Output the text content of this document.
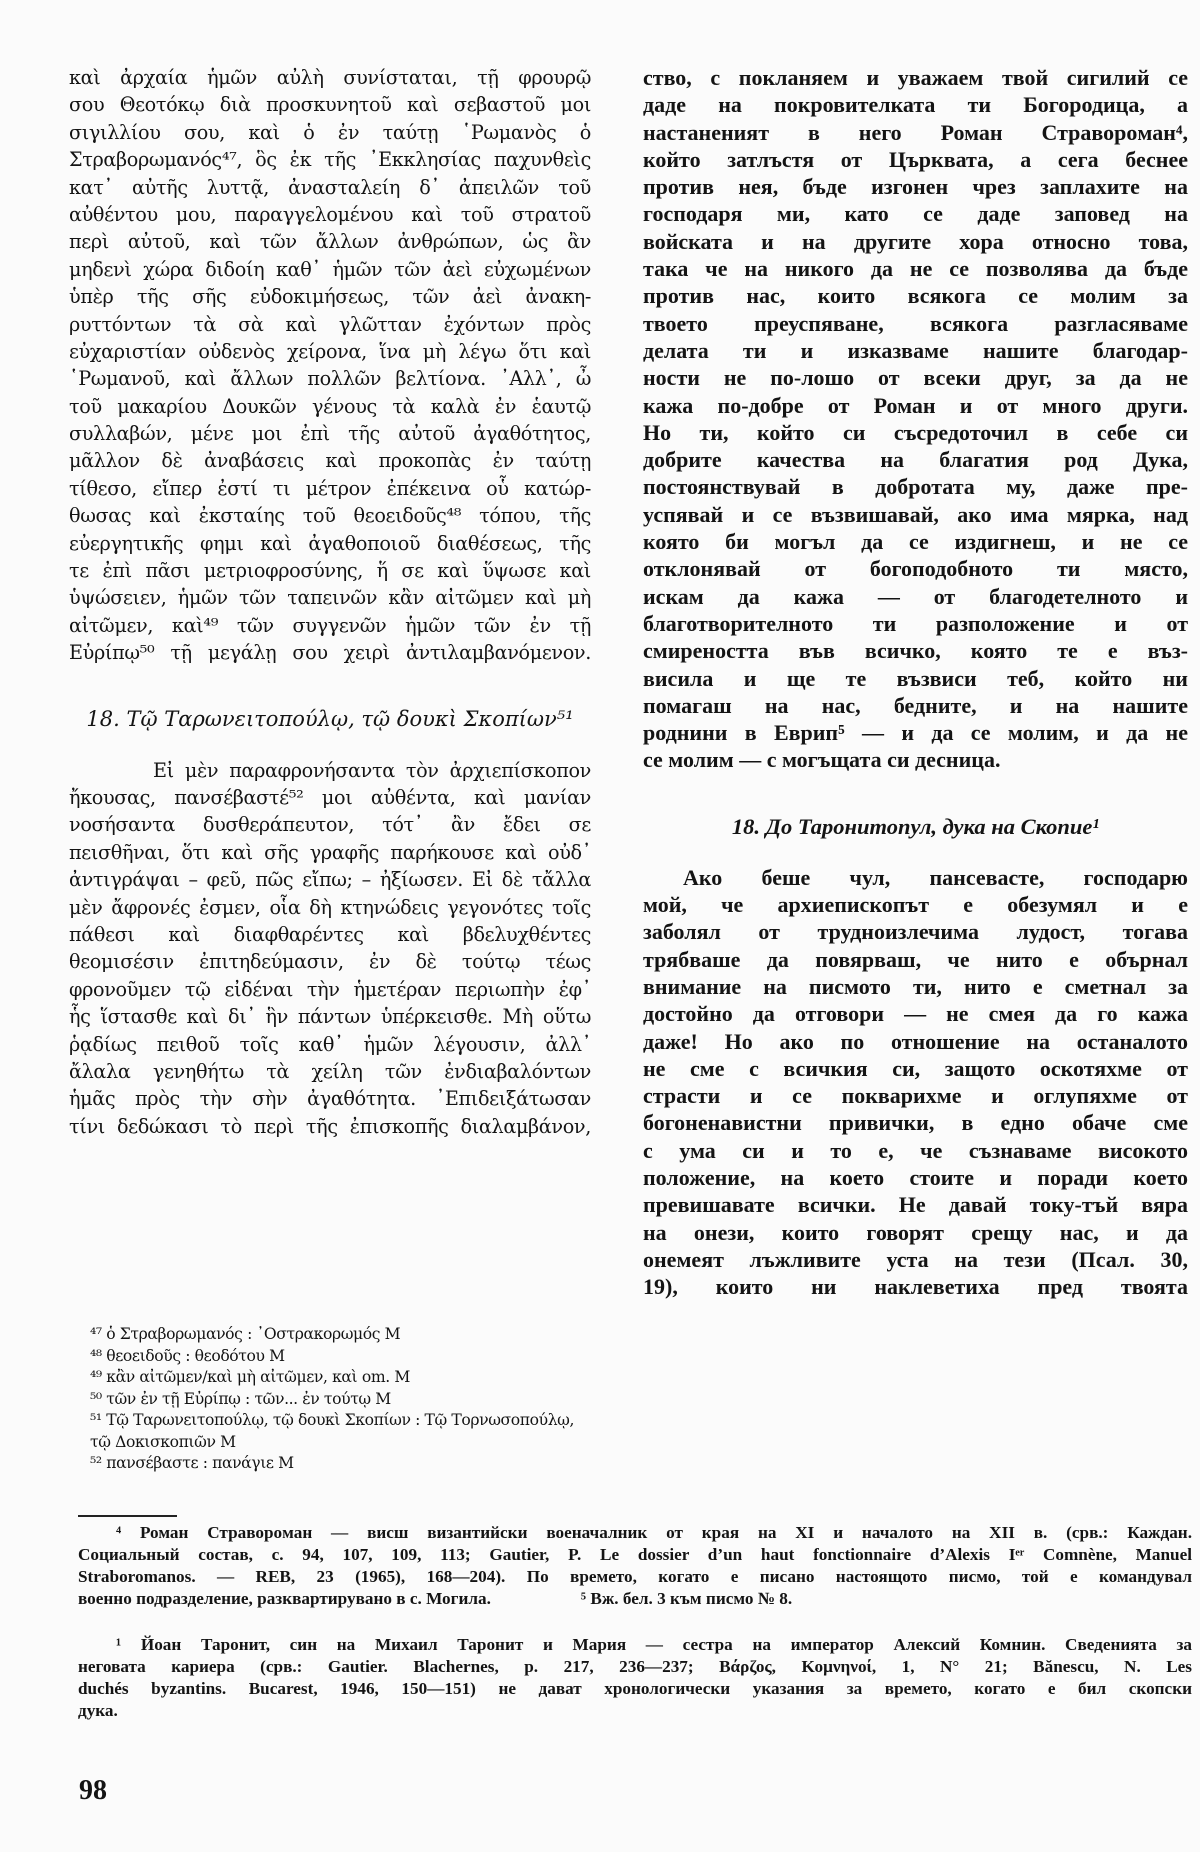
καὶ ἀρχαία ἡμῶν αὐλὴ συνίσταται, τῇ φρουρῷ
σου Θεοτόκῳ διὰ προσκυνητοῦ καὶ σεβαστοῦ μοι
σιγιλλίου σου, καὶ ὁ ἐν ταύτῃ ῾Ρωμανὸς ὁ
Στραβορωμανός⁴⁷, ὃς ἐκ τῆς ᾿Εκκλησίας παχυνθεὶς
κατ᾿ αὐτῆς λυττᾷ, ἀνασταλείη δ᾿ ἀπειλῶν τοῦ
αὐθέντου μου, παραγγελομένου καὶ τοῦ στρατοῦ
περὶ αὐτοῦ, καὶ τῶν ἄλλων ἀνθρώπων, ὡς ἂν
μηδενὶ χώρα διδοίη καθ᾿ ἡμῶν τῶν ἀεὶ εὐχωμένων
ὑπὲρ τῆς σῆς εὐδοκιμήσεως, τῶν ἀεὶ ἀνακη-
ρυττόντων τὰ σὰ καὶ γλῶτταν ἐχόντων πρὸς
εὐχαριστίαν οὐδενὸς χείρονα, ἵνα μὴ λέγω ὅτι καὶ
῾Ρωμανοῦ, καὶ ἄλλων πολλῶν βελτίονα. ᾿Αλλ᾿, ὦ
τοῦ μακαρίου Δουκῶν γένους τὰ καλὰ ἐν ἑαυτῷ
συλλαβών, μένε μοι ἐπὶ τῆς αὐτοῦ ἀγαθότητος,
μᾶλλον δὲ ἀναβάσεις καὶ προκοπὰς ἐν ταύτῃ
τίθεσο, εἴπερ ἐστί τι μέτρον ἐπέκεινα οὗ κατώρ-
θωσας καὶ ἐκσταίης τοῦ θεοειδοῦς⁴⁸ τόπου, τῆς
εὐεργητικῆς φημι καὶ ἀγαθοποιοῦ διαθέσεως, τῆς
τε ἐπὶ πᾶσι μετριοφροσύνης, ἥ σε καὶ ὕψωσε καὶ
ὑψώσειεν, ἡμῶν τῶν ταπεινῶν κἂν αἰτῶμεν καὶ μὴ
αἰτῶμεν, καὶ⁴⁹ τῶν συγγενῶν ἡμῶν τῶν ἐν τῇ
Εὐρίπῳ⁵⁰ τῇ μεγάλῃ σου χειρὶ ἀντιλαμβανόμενον.
18. Τῷ Ταρωνειτοπούλῳ, τῷ δουκὶ Σκοπίων⁵¹
Εἰ μὲν παραφρονήσαντα τὸν ἀρχιεπίσκοπον
ἤκουσας, πανσέβαστέ⁵² μοι αὐθέντα, καὶ μανίαν
νοσήσαντα δυσθεράπευτον, τότ᾿ ἂν ἔδει σε
πεισθῆναι, ὅτι καὶ σῆς γραφῆς παρήκουσε καὶ οὐδ᾿
ἀντιγράψαι – φεῦ, πῶς εἴπω; – ἠξίωσεν. Εἰ δὲ τἄλλα
μὲν ἄφρονές ἐσμεν, οἷα δὴ κτηνώδεις γεγονότες τοῖς
πάθεσι καὶ διαφθαρέντες καὶ βδελυχθέντες
θεομισέσιν ἐπιτηδεύμασιν, ἐν δὲ τούτῳ τέως
φρονοῦμεν τῷ εἰδέναι τὴν ἡμετέραν περιωπὴν ἐφ᾿
ἧς ἵστασθε καὶ δι᾿ ἣν πάντων ὑπέρκεισθε. Μὴ οὕτω
ῥᾳδίως πειθοῦ τοῖς καθ᾿ ἡμῶν λέγουσιν, ἀλλ᾿
ἄλαλα γενηθήτω τὰ χείλη τῶν ἐνδιαβαλόντων
ἡμᾶς πρὸς τὴν σὴν ἀγαθότητα. ᾿Επιδειξάτωσαν
τίνι δεδώκασι τὸ περὶ τῆς ἐπισκοπῆς διαλαμβάνον,
⁴⁷ ὁ Στραβορωμανός : ᾿Οστρακορωμός M
⁴⁸ θεοειδοῦς : θεοδότου M
⁴⁹ κἂν αἰτῶμεν/καὶ μὴ αἰτῶμεν, καὶ om. M
⁵⁰ τῶν ἐν τῇ Εὐρίπῳ : τῶν... ἐν τούτῳ M
⁵¹ Τῷ Ταρωνειτοπούλῳ, τῷ δουκὶ Σκοπίων : Τῷ Τορνωσοπούλῳ,
τῷ Δοκισκοπιῶν M
⁵² πανσέβαστε : πανάγιε M
ство, с покланяем и уважаем твой сигилий се
даде на покровителката ти Богородица, а
настаненият в него Роман Страворoман⁴,
който затлъстя от Църквата, а сега беснее
против нея, бъде изгонен чрез заплахите на
господаря ми, като се даде заповед на
войската и на другите хора относно това,
така че на никого да не се позволява да бъде
против нас, които всякога се молим за
твоето преуспяване, всякога разгласяваме
делата ти и изказваме нашите благодар-
ности не по-лошо от всеки друг, за да не
кажа по-добре от Роман и от много други.
Но ти, който си съсредоточил в себе си
добрите качества на благатия род Дука,
постоянствувай в добротата му, даже пре-
успявай и се възвишавай, ако има мярка, над
която би могъл да се издигнеш, и не се
отклонявай от богоподобното ти място,
искам да кажа — от благодетелното и
благотворителното ти разположение и от
смиреността във всичко, която те е въз-
висила и ще те възвиси теб, който ни
помагаш на нас, бедните, и на нашите
роднини в Еврип⁵ — и да се молим, и да не
се молим — с могъщата си десница.
18. До Таронитопул, дука на Скопие¹
Ако беше чул, пансевасте, господарю
мой, че архиепископът е обезумял и е
заболял от трудноизлечима лудост, тогава
трябваше да повярваш, че нито е обърнал
внимание на писмото ти, нито е сметнал за
достойно да отговори — не смея да го кажа
даже! Но ако по отношение на останалото
не сме с всичкия си, защото оскотяхме от
страсти и се покварихме и оглупяхме от
богоненавистни привички, в едно обаче сме
с ума си и то е, че съзнаваме високото
положение, на което стоите и поради което
превишавате всички. Не давай току-тъй вяра
на онези, които говорят срещу нас, и да
онемеят лъжливите уста на тези (Псал. 30,
19), които ни наклеветиха пред твоята
⁴ Роман Страворoман — висш византийски военачалник от края на XI и началото на XII в. (срв.: Каждан.
Социальный состав, с. 94, 107, 109, 113; Gautier, P. Le dossier d’un haut fonctionnaire d’Alexis Iᵉʳ Comnène, Manuel
Straboromanos. — REB, 23 (1965), 168—204). По времето, когато е писано настоящото писмо, той е командувал
военно подразделение, разквартирувано в с. Могила.	⁵ Вж. бел. 3 към писмо № 8.
¹ Йоан Таронит, син на Михаил Таронит и Мария — сестра на император Алексий Комнин. Сведенията за
неговата кариера (срв.: Gautier. Blachernes, p. 217, 236—237; Βάρζος, Κομνηνοί, 1, N° 21; Bănescu, N. Les
duchés byzantins. Bucarest, 1946, 150—151) не дават хронологически указания за времето, когато е бил скопски
дука.
98
